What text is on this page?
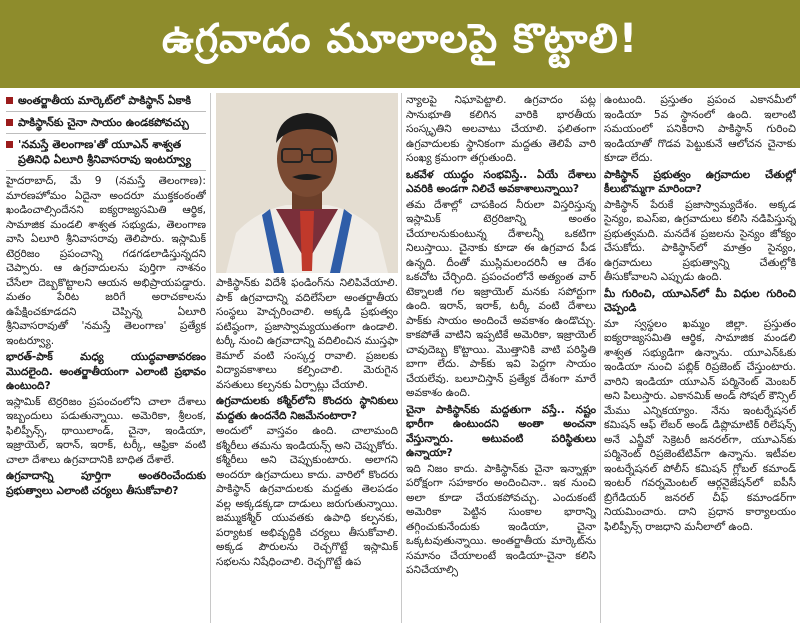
ఉగ్రవాదం మూలాలపై కొట్టాలి!
అంతర్జాతీయ మార్కెట్‌లో పాకిస్థాన్ ఏకాకి
పాకిస్థాన్‌కు చైనా సాయం ఉండకపోవచ్చు
'నమస్తే తెలంగాణ'తో యూఎన్ శాశ్వత ప్రతినిధి ఏలూరి శ్రీనివాసరావు ఇంటర్వ్యూ

హైదరాబాద్, మే 9 (నమస్తే తెలంగాణ): మారణహోమం ఏదైనా అందరూ ముక్తకంఠంతో ఖండించాల్సిందేనని ఐక్యరాజ్యసమితి ఆర్థిక, సామాజిక మండలి శాశ్వత సభ్యుడు, తెలంగాణ వాసి ఏలూరి శ్రీనివాసరావు తెలిపారు. ఇస్లామిక్ టెర్రరిజం ప్రపంచాన్ని గడగడలాడిస్తున్నదని చెప్పారు. ఆ ఉగ్రవాదులను పుర్తిగా నాశనం చేసేలా దెబ్బకొట్టాలని ఆయన అభిప్రాయపడ్డారు. మతం పేరిట జరిగే అరాచకాలను ఉపేక్షించకూడదని చెప్పిన్న ఏలూరి శ్రీనివాసరావుతో 'నమస్తే తెలంగాణ' ప్రత్యేక ఇంటర్వ్యూ.

భారత్-పాక్ మధ్య యుద్ధవాతావరణం మొదలైంది. అంతర్జాతీయంగా ఎలాంటి ప్రభావం ఉంటుంది?

ఇస్లామిక్ టెర్రరిజం ప్రపంచంలోని చాలా దేశాలు ఇబ్బందులు పడుతున్నాయి. అమెరికా, శ్రీలంక, ఫిలిప్పీన్స్, థాయిలాండ్, చైనా, ఇండియా, ఇజ్రాయెల్, ఇరాన్, ఇరాక్, టర్కీ, ఆఫ్రికా వంటి చాలా దేశాలు ఉగ్రవాదానికి బాధిత దేశాలే.

ఉగ్రవాదాన్ని పూర్తిగా అంతరించేందుకు ప్రభుత్వాలు ఎలాంటి చర్యలు తీసుకోవాలి?

పాకిస్థాన్‌కు విదేశీ ఫండింగ్‌ను నిలిపివేయాలి. పాక్ ఉగ్రవాదాన్ని వదిలేసేలా అంతర్జాతీయ సంస్థలు హెచ్చరించాలి. అక్కడి ప్రభుత్వం పటిష్ఠంగా, ప్రజాస్వామ్యయుతంగా ఉండాలి. టర్కీ నుంచి ఉగ్రవాదాన్ని వదిలించిన ముస్తఫా కెమాల్ వంటి సంస్కర్త రావాలి. ప్రజలకు విద్యావకాశాలు కల్పించాలి. మెరుగైన వసతులు కల్పనకు ఏర్పాట్లు చేయాలి.

ఉగ్రవాదులకు కశ్మీర్‌లోని కొందరు స్థానికులు మద్దతు ఉందనేది నిజమేనంటారా?

అందులో వాస్తవం ఉంది. చాలామంది కశ్మీరీలు తమను ఇండియన్స్ అని చెప్పుకోరు. కశ్మీరీలు అని చెప్పుకుంటారు. అలాగని అందరూ ఉగ్రవాదులు కాదు. వారిలో కొందరు పాకిస్థాన్ ఉగ్రవాదులకు మద్దతు తెలపడం వల్ల అక్కడక్కడా దాడులు జరుగుతున్నాయి. జమ్ముకశ్మీర్ యువతకు ఉపాధి కల్పనకు, పర్యాటక అభివృద్ధికి చర్యలు తీసుకోవాలి. అక్కడ పౌరులను రెచ్చగొట్టే ఇస్లామిక్ సభలను నిషేధించాలి. రెచ్చగొట్టే ఉప

న్యాలపై నిఘాపెట్టాలి. ఉగ్రవాదం పట్ల సానుభూతి కలిగిన వారికి భారతీయ సంస్కృతిని అలవాటు చేయాలి. ఫలితంగా ఉగ్రవాదులకు స్థానికంగా మద్దతు తెలిపే వారి సంఖ్య క్రమంగా తగ్గుతుంది.

ఒకవేళ యుద్ధం సంభవిస్తే.. ఏయే దేశాలు ఎవరికి అండగా నిలిచే అవకాశాలున్నాయి?

తమ దేశాల్లో చాపకింద నీరులా విస్తరిస్తున్న ఇస్లామిక్ టెర్రరిజాన్ని అంతం చేయాలనుకుంటున్న దేశాలన్నీ ఒకటిగా నిలుస్తాయి. చైనాకు కూడా ఈ ఉగ్రవాద పీడ ఉన్నది. దీంతో ముస్లిమలందరినీ ఆ దేశం ఒకచోట చేర్చింది. ప్రపంచంలోనే అత్యంత వార్ టెక్నాలజీ గల ఇజ్రాయెల్ మనకు సపోర్టుగా ఉంది. ఇరాన్, ఇరాక్, టర్కీ వంటి దేశాలు పాక్‌కు సాయం అందించే అవకాశం ఉండొచ్చు. కాకపోతే వాటిని ఇప్పటికే అమెరికా, ఇజ్రాయెల్ చావుదెబ్బ కొట్టాయి. మొత్తానికి వాటి పరిస్థితి బాగా లేదు. పాక్‌కు ఇవి పెద్దగా సాయం చేయలేవు. బలూచిస్తాన్ ప్రత్యేక దేశంగా మారే అవకాశం ఉంది.

చైనా పాకిస్థాన్‌కు మద్దతుగా వస్తే.. నష్టం భారీగా ఉంటుందని అంతా అంచనా వేస్తున్నారు. అటువంటి పరిస్థితులు ఉన్నాయా?

ఇది నిజం కాదు. పాకిస్థాన్‌కు చైనా ఇన్నాళ్లూ పరోక్షంగా సహకారం అందించినా.. ఇక నుంచి అలా కూడా చేయకపోవచ్చు. ఎందుకంటే అమెరికా పెట్టిన సుంకాల భారాన్ని తగ్గించుకునేందుకు ఇండియా, చైనా ఒక్కటవుతున్నాయి. అంతర్జాతీయ మార్కెట్‌ను సమానం చేయాలంటే ఇండియా-చైనా కలిసి పనిచేయాల్సి

ఉంటుంది. ప్రస్తుతం ప్రపంచ ఎకానమీలో ఇండియా 5వ స్థానంలో ఉంది. ఇలాంటి సమయంలో పనికిరాని పాకిస్థాన్ గురించి ఇండియాతో గొడవ పెట్టుకునే ఆలోచన చైనాకు కూడా లేదు.

పాకిస్థాన్ ప్రభుత్వం ఉగ్రవాదుల చేతుల్లో కీలుబొమ్మగా మారిందా?

పాకిస్థాన్ పేరుకే ప్రజాస్వామ్యదేశం. అక్కడ సైన్యం, ఐఎస్ఐ, ఉగ్రవాదులు కలిసి నడిపిస్తున్న ప్రభుత్వమది. మనదేశ ప్రజలను సైన్యం జోక్యం చేసుకోదు. పాకిస్థాన్‌లో మాత్రం సైన్యం, ఉగ్రవాదులు ప్రభుత్వాన్ని చేతుల్లోకి తీసుకోవాలని ఎప్పుడు ఉంది.

మీ గురించి, యూఎన్‌లో మీ విధుల గురించి చెప్పండి

మా స్వస్థలం ఖమ్మం జిల్లా. ప్రస్తుతం ఐక్యరాజ్యసమితి ఆర్థిక, సామాజిక మండలి శాశ్వత సభ్యుడిగా ఉన్నాను. యూఎన్‌ఓకు ఇండియా నుంచి పబ్లిక్ రిప్రజెంట్ చేస్తుంటారు. వారిని ఇండియా యూఎన్ పర్మినెంట్ మెంబర్ అని పిలుస్తారు. ఎకానమిక్ అండ్ సోషల్ కౌన్సిల్ మేము ఎన్నికయ్యాం. నేను ఇంటర్నేషనల్ కమిషన్ ఆఫ్ లేబర్ అండ్ డిప్లొమాటిక్ రిలేషన్స్ అనే ఎన్జీవో సెక్రెటరీ జనరల్‌గా, యూఎన్‌కు పర్మినెంట్ రిప్రజెంటేటివ్‌గా ఉన్నాను. ఇటీవల ఇంటర్నేషనల్ పోలీస్ కమిషన్ గ్లోబల్ కమాండ్ ఇంటర్ గవర్నమెంటల్ ఆర్గనైజేషన్‌లో ఐపీసీ బ్రిగేడియర్ జనరల్ చీఫ్ కమాండర్‌గా నియమించారు. దాని ప్రధాన కార్యాలయం ఫిలిప్పీన్స్ రాజధాని మనీలాలో ఉంది.
